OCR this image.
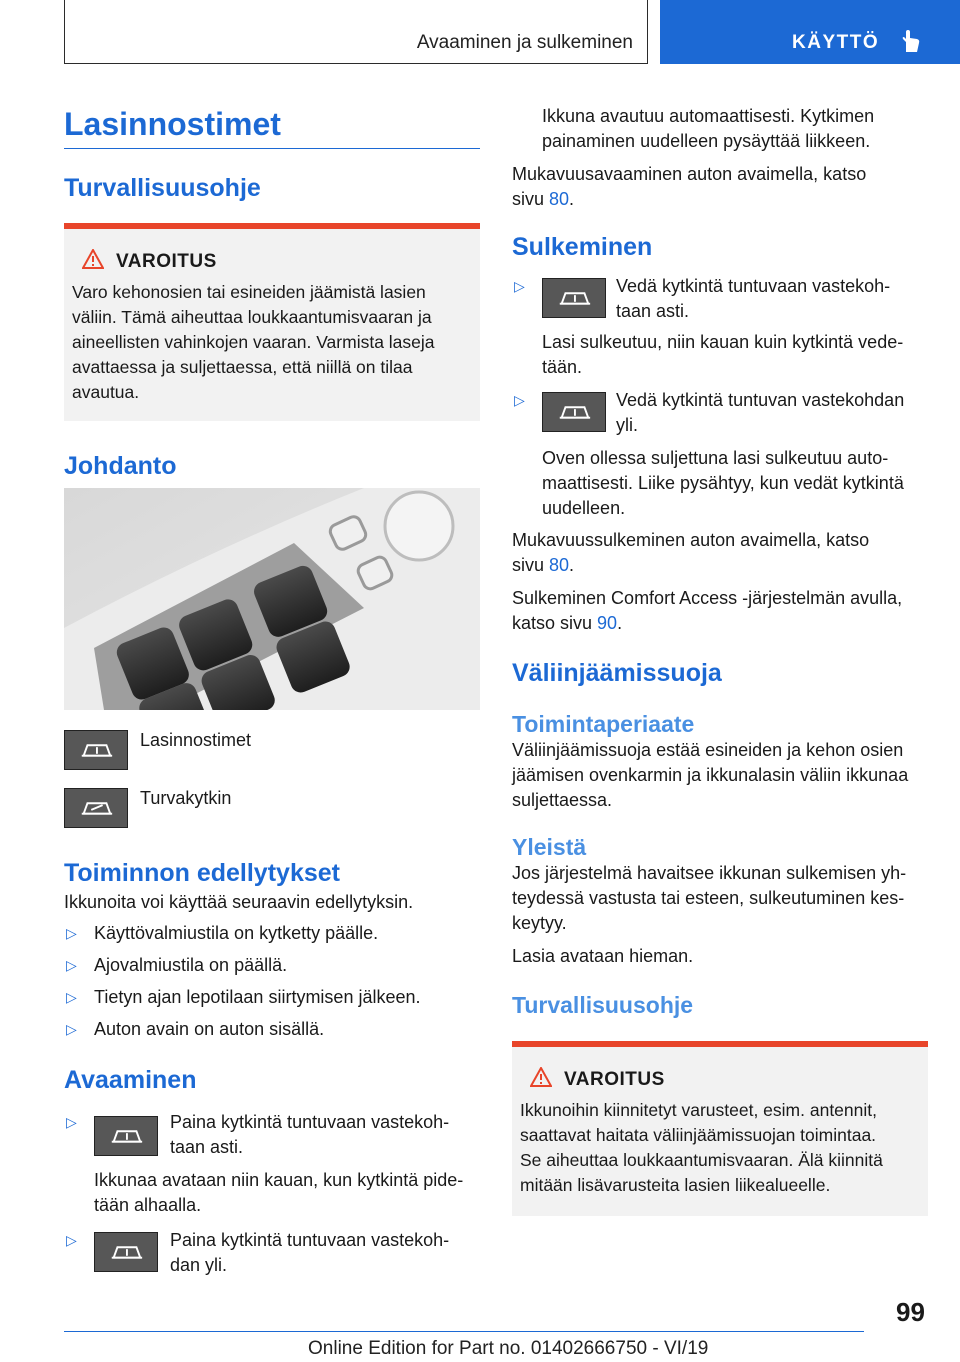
Avaaminen ja sulkeminen	KÄYTTÖ
Lasinnostimet
Turvallisuusohje
VAROITUS
Varo kehonosien tai esineiden jäämistä lasien
väliin. Tämä aiheuttaa loukkaantumisvaaran ja
aineellisten vahinkojen vaaran. Varmista laseja
avattaessa ja suljettaessa, että niillä on tilaa
avautua.
Johdanto
Lasinnostimet
Turvakytkin
Toiminnon edellytykset

Ikkunoita voi käyttää seuraavin edellytyksin.

▷ Käyttövalmiustila on kytketty päälle.
▷ Ajovalmiustila on päällä.
▷ Tietyn ajan lepotilaan siirtymisen jälkeen.
▷ Auton avain on auton sisällä.
Avaaminen
▷	Paina kytkintä tuntuvaan vastekoh-
taan asti.
Ikkunaa avataan niin kauan, kun kytkintä pide-
tään alhaalla.
▷	Paina kytkintä tuntuvaan vastekoh-
dan yli.
Ikkuna avautuu automaattisesti. Kytkimen
painaminen uudelleen pysäyttää liikkeen.
Mukavuusavaaminen auton avaimella, katso
sivu 80.
Sulkeminen
▷	Vedä kytkintä tuntuvaan vastekoh-
taan asti.
Lasi sulkeutuu, niin kauan kuin kytkintä vede-
tään.
▷	Vedä kytkintä tuntuvan vastekohdan
yli.
Oven ollessa suljettuna lasi sulkeutuu auto-
maattisesti. Liike pysähtyy, kun vedät kytkintä
uudelleen.
Mukavuussulkeminen auton avaimella, katso
sivu 80.
Sulkeminen Comfort Access -järjestelmän avulla,
katso sivu 90.
Väliinjäämissuoja
Toimintaperiaate
Väliinjäämissuoja estää esineiden ja kehon osien
jäämisen ovenkarmin ja ikkunalasin väliin ikkunaa
suljettaessa.
Yleistä
Jos järjestelmä havaitsee ikkunan sulkemisen yh-
teydessä vastusta tai esteen, sulkeutuminen kes-
keytyy.

Lasia avataan hieman.

Turvallisuusohje
VAROITUS
Ikkunoihin kiinnitetyt varusteet, esim. antennit,
saattavat haitata väliinjäämissuojan toimintaa.
Se aiheuttaa loukkaantumisvaaran. Älä kiinnitä
mitään lisävarusteita lasien liikealueelle.
99
Online Edition for Part no. 01402666750 - VI/19
